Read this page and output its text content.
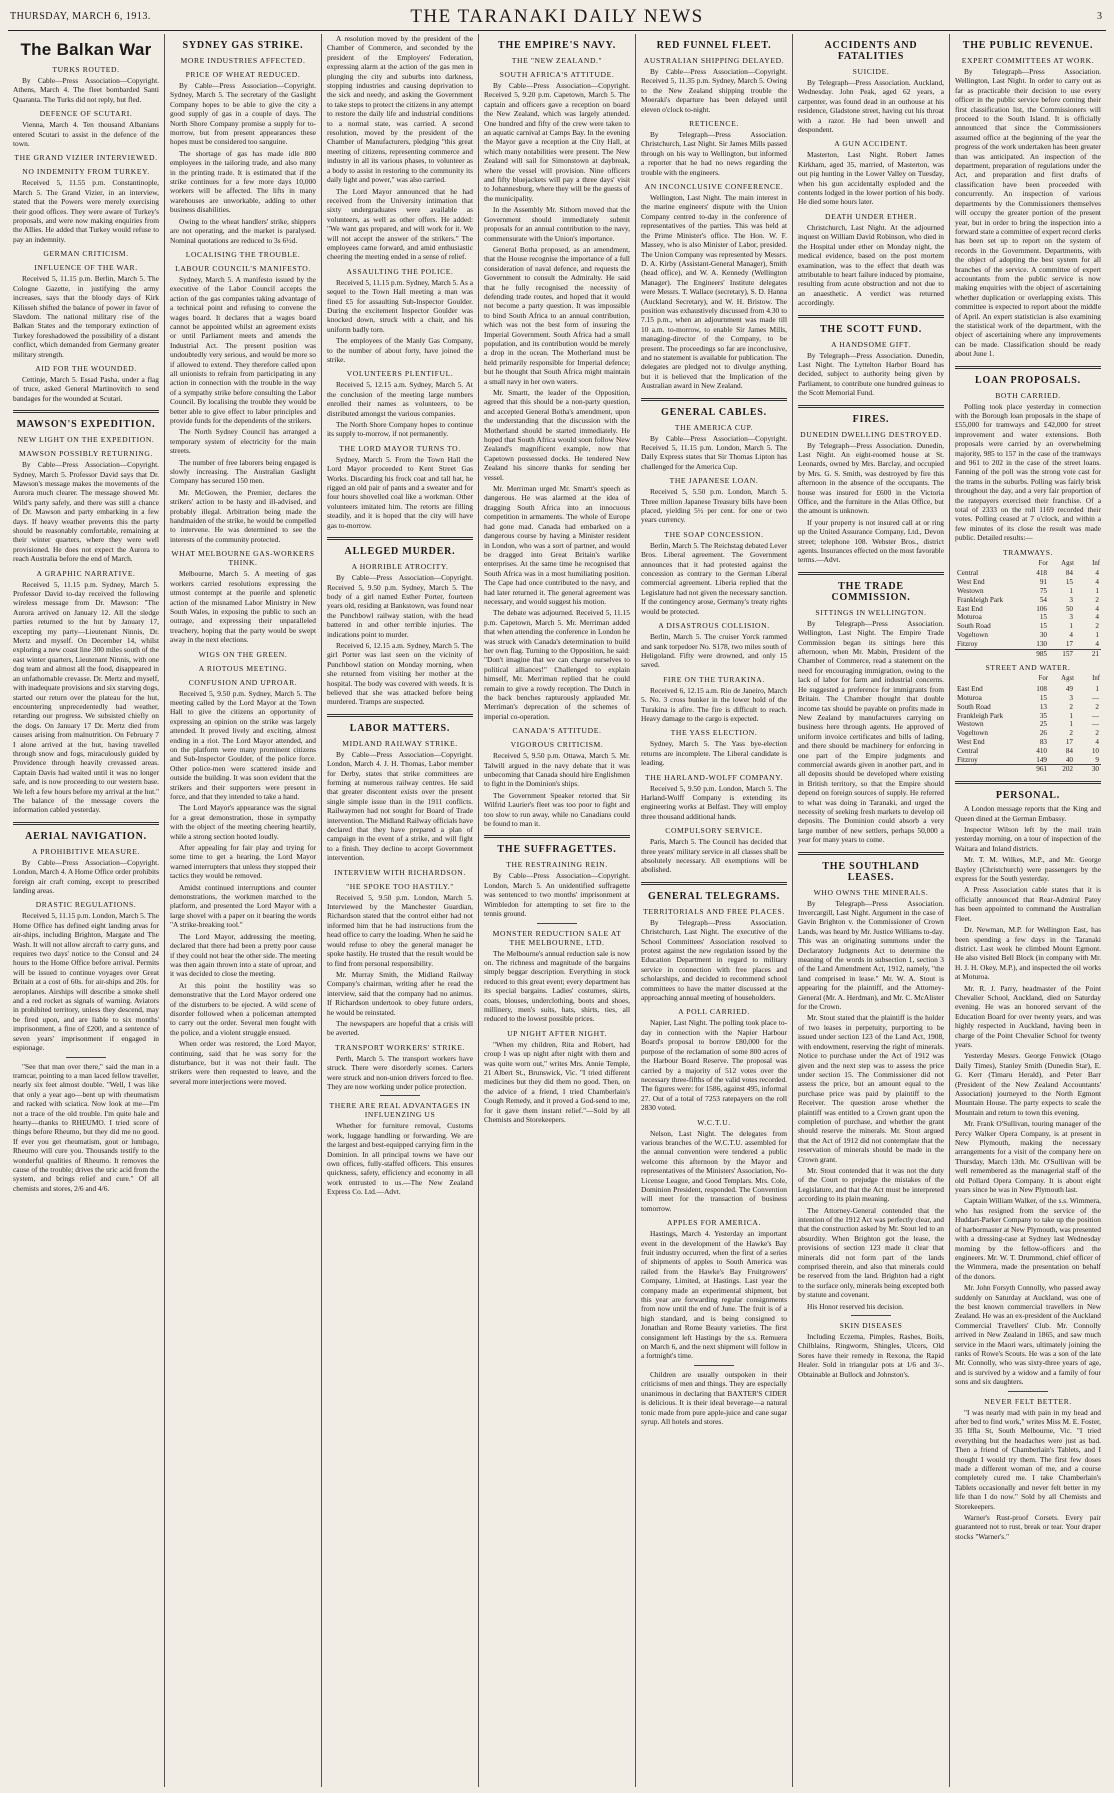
THURSDAY, MARCH 6, 1913.	THE TARANAKI DAILY NEWS	3
The Balkan War
TURKS ROUTED.

By Cable—Press Association—Copyright. Athens, March 4. The fleet bombarded Santi Quaranta. The Turks did not reply, but fled.

DEFENCE OF SCUTARI.

Vienna, March 4. Ten thousand Albanians entered Scutari to assist in the defence of the town.

THE GRAND VIZIER INTERVIEWED.
NO INDEMNITY FROM TURKEY.

Received 5, 11.55 p.m. Constantinople, March 5. The Grand Vizier, in an interview, stated that the Powers were merely exercising their good offices. They were aware of Turkey's proposals, and were now making enquiries from the Allies. He added that Turkey would refuse to pay an indemnity.

GERMAN CRITICISM.
INFLUENCE OF THE WAR.

Received 5, 11.15 p.m. Berlin, March 5. The Cologne Gazette, in justifying the army increases, says that the bloody days of Kirk Kilisseh shifted the balance of power in favor of Slavdom. The national military rise of the Balkan States and the temporary extinction of Turkey foreshadowed the possibility of a distant conflict, which demanded from Germany greater military strength.

AID FOR THE WOUNDED.

Cettinje, March 5. Essad Pasha, under a flag of truce, asked General Martinovitch to send bandages for the wounded at Scutari.

MAWSON'S EXPEDITION.
NEW LIGHT ON THE EXPEDITION.
MAWSON POSSIBLY RETURNING.

By Cable—Press Association—Copyright. Sydney, March 5. Professor David says that Dr. Mawson's message makes the movements of the Aurora much clearer. The message showed Mr. Wild's party safely, and there was still a chance of Dr. Mawson and party embarking in a few days. If heavy weather prevents this the party should be reasonably comfortable, remaining at their winter quarters, where they were well provisioned. He does not expect the Aurora to reach Australia before the end of March.

A GRAPHIC NARRATIVE.

Received 5, 11.15 p.m. Sydney, March 5. Professor David to-day received the following wireless message from Dr. Mawson: "The Aurora arrived on January 12. All the sledge parties returned to the hut by January 17, excepting my party—Lieutenant Ninnis, Dr. Mertz and myself. On December 14, whilst exploring a new coast line 300 miles south of the east winter quarters, Lieutenant Ninnis, with one dog team and almost all the food, disappeared in an unfathomable crevasse. Dr. Mertz and myself, with inadequate provisions and six starving dogs, started our return over the plateau for the hut, encountering unprecedentedly bad weather, retarding our progress. We subsisted chiefly on the dogs. On January 17 Dr. Mertz died from causes arising from malnutrition. On February 7 I alone arrived at the hut, having travelled through snow and fogs, miraculously guided by Providence through heavily crevassed areas. Captain Davis had waited until it was no longer safe, and is now proceeding to our western base. We left a few hours before my arrival at the hut." The balance of the message covers the information cabled yesterday.

AERIAL NAVIGATION.
A PROHIBITIVE MEASURE.

By Cable—Press Association—Copyright. London, March 4. A Home Office order prohibits foreign air craft coming, except to prescribed landing areas.

DRASTIC REGULATIONS.

Received 5, 11.15 p.m. London, March 5. The Home Office has defined eight landing areas for air-ships, including Brighton, Margate and The Wash. It will not allow aircraft to carry guns, and requires two days' notice to the Consul and 24 hours to the Home Office before arrival. Permits will be issued to continue voyages over Great Britain at a cost of 60s. for air-ships and 20s. for aeroplanes. Airships will describe a smoke shell and a red rocket as signals of warning. Aviators in prohibited territory, unless they descend, may be fired upon, and are liable to six months' imprisonment, a fine of £200, and a sentence of seven years' imprisonment if engaged in espionage.

"See that man over there," said the man in a tramcar, pointing to a man laced fellow traveller, nearly six feet almost double. "Well, I was like that only a year ago—bent up with rheumatism and racked with sciatica. Now look at me—I'm not a trace of the old trouble. I'm quite hale and hearty—thanks to RHEUMO. I tried score of things before Rheumo, but they did me no good. If ever you get rheumatism, gout or lumbago, Rheumo will cure you. Thousands testify to the wonderful qualities of Rheumo. It removes the cause of the trouble; drives the uric acid from the system, and brings relief and cure." Of all chemists and stores, 2/6 and 4/6.

SYDNEY GAS STRIKE.
MORE INDUSTRIES AFFECTED.
PRICE OF WHEAT REDUCED.

By Cable—Press Association—Copyright. Sydney, March 5. The secretary of the Gaslight Company hopes to be able to give the city a good supply of gas in a couple of days. The North Shore Company promise a supply for to-morrow, but from present appearances these hopes must be considered too sanguine.

The shortage of gas has made idle 800 employees in the tailoring trade, and also many in the printing trade. It is estimated that if the strike continues for a few more days 10,000 workers will be affected. The lifts in many warehouses are unworkable, adding to other business disabilities.

Owing to the wheat handlers' strike, shippers are not operating, and the market is paralysed. Nominal quotations are reduced to 3s 6½d.

LOCALISING THE TROUBLE.
LABOUR COUNCIL'S MANIFESTO.

Sydney, March 5. A manifesto issued by the executive of the Labor Council accepts the action of the gas companies taking advantage of a technical point and refusing to convene the wages board. It declares that a wages board cannot be appointed whilst an agreement exists or until Parliament meets and amends the Industrial Act. The present position was undoubtedly very serious, and would be more so if allowed to extend. They therefore called upon all unionists to refrain from participating in any action in connection with the trouble in the way of a sympathy strike before consulting the Labor Council. By localising the trouble they would be better able to give effect to labor principles and provide funds for the dependents of the strikers.

The North Sydney Council has arranged a temporary system of electricity for the main streets.

The number of free laborers being engaged is slowly increasing. The Australian Gaslight Company has secured 150 men.

Mr. McGowen, the Premier, declares the strikers' action to be hasty and ill-advised, and probably illegal. Arbitration being made the handmaiden of the strike, he would be compelled to intervene. He was determined to see the interests of the community protected.

WHAT MELBOURNE GAS-WORKERS THINK.

Melbourne, March 5. A meeting of gas workers carried resolutions expressing the utmost contempt at the puerile and splenetic action of the misnamed Labor Ministry in New South Wales, in exposing the public to such an outrage, and expressing their unparalleled treachery, hoping that the party would be swept away in the next elections.

WIGS ON THE GREEN.
A RIOTOUS MEETING.
CONFUSION AND UPROAR.

Received 5, 9.50 p.m. Sydney, March 5. The meeting called by the Lord Mayor at the Town Hall to give the citizens an opportunity of expressing an opinion on the strike was largely attended. It proved lively and exciting, almost ending in a riot. The Lord Mayor attended, and on the platform were many prominent citizens and Sub-Inspector Goulder, of the police force. Other police-men were scattered inside and outside the building. It was soon evident that the strikers and their supporters were present in force, and that they intended to take a hand.

The Lord Mayor's appearance was the signal for a great demonstration, those in sympathy with the object of the meeting cheering heartily, while a strong section hooted loudly.

After appealing for fair play and trying for some time to get a hearing, the Lord Mayor warned interrupters that unless they stopped their tactics they would be removed.

Amidst continued interruptions and counter demonstrations, the workmen marched to the platform, and presented the Lord Mayor with a large shovel with a paper on it bearing the words "A strike-breaking tool."

The Lord Mayor, addressing the meeting, declared that there had been a pretty poor cause if they could not hear the other side. The meeting was then again thrown into a state of uproar, and it was decided to close the meeting.

At this point the hostility was so demonstrative that the Lord Mayor ordered one of the disturbers to be ejected. A wild scene of disorder followed when a policeman attempted to carry out the order. Several men fought with the police, and a violent struggle ensued.

When order was restored, the Lord Mayor, continuing, said that he was sorry for the disturbance, but it was not their fault. The strikers were then requested to leave, and the several more interjections were moved.

A resolution moved by the president of the Chamber of Commerce, and seconded by the president of the Employers' Federation, expressing alarm at the action of the gas men in plunging the city and suburbs into darkness, stopping industries and causing deprivation to the sick and needy, and asking the Government to take steps to protect the citizens in any attempt to restore the daily life and industrial conditions to a normal state, was carried. A second resolution, moved by the president of the Chamber of Manufacturers, pledging "this great meeting of citizens, representing commerce and industry in all its various phases, to volunteer as a body to assist in restoring to the community its daily light and power," was also carried.

The Lord Mayor announced that he had received from the University intimation that sixty undergraduates were available as volunteers, as well as other offers. He added: "We want gas prepared, and will work for it. We will not accept the answer of the strikers." The employees came forward, and amid enthusiastic cheering the meeting ended in a sense of relief.

ASSAULTING THE POLICE.

Received 5, 11.15 p.m. Sydney, March 5. As a sequel to the Town Hall meeting a man was fined £5 for assaulting Sub-Inspector Goulder. During the excitement Inspector Goulder was knocked down, struck with a chair, and his uniform badly torn.

The employees of the Manly Gas Company, to the number of about forty, have joined the strike.

VOLUNTEERS PLENTIFUL.

Received 5, 12.15 a.m. Sydney, March 5. At the conclusion of the meeting large numbers enrolled their names as volunteers, to be distributed amongst the various companies.

The North Shore Company hopes to continue its supply to-morrow, if not permanently.

THE LORD MAYOR TURNS TO.

Sydney, March 5. From the Town Hall the Lord Mayor proceeded to Kent Street Gas Works. Discarding his frock coat and tall hat, he rigged an old pair of pants and a sweater and for four hours shovelled coal like a workman. Other volunteers imitated him. The retorts are filling steadily, and it is hoped that the city will have gas to-morrow.

ALLEGED MURDER.
A HORRIBLE ATROCITY.

By Cable—Press Association—Copyright. Received 5, 9.50 p.m. Sydney, March 5. The body of a girl named Esther Porter, fourteen years old, residing at Bankstown, was found near the Punchbowl railway station, with the head battered in and other terrible injuries. The indications point to murder.

Received 6, 12.15 a.m. Sydney, March 5. The girl Porter was last seen on the vicinity of Punchbowl station on Monday morning, when she returned from visiting her mother at the hospital. The body was covered with weeds. It is believed that she was attacked before being murdered. Tramps are suspected.

LABOR MATTERS.
MIDLAND RAILWAY STRIKE.

By Cable—Press Association—Copyright. London, March 4. J. H. Thomas, Labor member for Derby, states that strike committees are forming at numerous railway centres. He said that greater discontent exists over the present single simple issue than in the 1911 conflicts. Railwaymen had not sought for Board of Trade intervention. The Midland Railway officials have declared that they have prepared a plan of campaign in the event of a strike, and will fight to a finish. They decline to accept Government intervention.

INTERVIEW WITH RICHARDSON.
"HE SPOKE TOO HASTILY."

Received 5, 9.50 p.m. London, March 5. Interviewed by the Manchester Guardian, Richardson stated that the control either had not informed him that he had instructions from the head office to carry the loading. When he said he would refuse to obey the general manager he spoke hastily. He trusted that the result would be to find from personal responsibility.

Mr. Murray Smith, the Midland Railway Company's chairman, writing after he read the interview, said that the company had no animus. If Richardson undertook to obey future orders, he would be reinstated.

The newspapers are hopeful that a crisis will be averted.

TRANSPORT WORKERS' STRIKE.

Perth, March 5. The transport workers have struck. There were disorderly scenes. Carters were struck and non-union drivers forced to flee. They are now working under police protection.

THERE ARE REAL ADVANTAGES IN INFLUENZING US

Whether for furniture removal, Customs work, luggage handling or forwarding. We are the largest and best-equipped carrying firm in the Dominion. In all principal towns we have our own offices, fully-staffed officers. This ensures quickness, safety, efficiency and economy in all work entrusted to us.—The New Zealand Express Co. Ltd.—Advt.

THE EMPIRE'S NAVY.
THE "NEW ZEALAND."
SOUTH AFRICA'S ATTITUDE.

By Cable—Press Association—Copyright. Received 5, 9.20 p.m. Capetown, March 5. The captain and officers gave a reception on board the New Zealand, which was largely attended. One hundred and fifty of the crew were taken to an aquatic carnival at Camps Bay. In the evening the Mayor gave a reception at the City Hall, at which many notabilities were present. The New Zealand will sail for Simonstown at daybreak, where the vessel will provision. Nine officers and fifty bluejackets will pay a three days' visit to Johannesburg, where they will be the guests of the municipality.

In the Assembly Mr. Sithorn moved that the Government should immediately submit proposals for an annual contribution to the navy, commensurate with the Union's importance.

General Botha proposed, as an amendment, that the House recognise the importance of a full consideration of naval defence, and requests the Government to consult the Admiralty. He said that he fully recognised the necessity of defending trade routes, and hoped that it would not become a party question. It was impossible to bind South Africa to an annual contribution, which was not the best form of insuring the Imperial Government. South Africa had a small population, and its contribution would be merely a drop in the ocean. The Motherland must be held primarily responsible for Imperial defence; but he thought that South Africa might maintain a small navy in her own waters.

Mr. Smartt, the leader of the Opposition, agreed that this should be a non-party question, and accepted General Botha's amendment, upon the understanding that the discussion with the Motherland should be started immediately. He hoped that South Africa would soon follow New Zealand's magnificent example, now that Capetown possessed docks. He tendered New Zealand his sincere thanks for sending her vessel.

Mr. Merriman urged Mr. Smartt's speech as dangerous. He was alarmed at the idea of dragging South Africa into an innocuous competition in armaments. The whole of Europe had gone mad. Canada had embarked on a dangerous course by having a Minister resident in London, who was a sort of partner, and would be dragged into Great Britain's warlike enterprises. At the same time he recognised that South Africa was in a most humiliating position. The Cape had once contributed to the navy, and had later returned it. The general agreement was necessary, and would suggest his motion.

The debate was adjourned. Received 5, 11.15 p.m. Capetown, March 5. Mr. Merriman added that when attending the conference in London he was struck with Canada's determination to build her own flag. Turning to the Opposition, he said: "Don't imagine that we can charge ourselves to political alliances!" Challenged to explain himself, Mr. Merriman replied that he could remain to give a rowdy reception. The Dutch in the back benches rapturously applauded Mr. Merriman's deprecation of the schemes of imperial co-operation.

CANADA'S ATTITUDE.
VIGOROUS CRITICISM.

Received 5, 9.50 p.m. Ottawa, March 5. Mr. Talwill argued in the navy debate that it was unbecoming that Canada should hire Englishmen to fight in the Dominion's ships.

The Government Speaker retorted that Sir Wilfrid Laurier's fleet was too poor to fight and too slow to run away, while no Canadians could be found to man it.

THE SUFFRAGETTES.
THE RESTRAINING REIN.

By Cable—Press Association—Copyright. London, March 5. An unidentified suffragette was sentenced to two months' imprisonment at Wimbledon for attempting to set fire to the tennis ground.

MONSTER REDUCTION SALE AT THE MELBOURNE, LTD.

The Melbourne's annual reduction sale is now on. The richness and magnitude of the bargains simply beggar description. Everything in stock reduced to this great event; every department has its special bargains. Ladies' costumes, skirts, coats, blouses, underclothing, boots and shoes, millinery, men's suits, hats, shirts, ties, all reduced to the lowest possible prices.

UP NIGHT AFTER NIGHT.

"When my children, Rita and Robert, had croup I was up night after night with them and was quite worn out," writes Mrs. Annie Temple, 21 Albert St., Brunswick, Vic. "I tried different medicines but they did them no good. Then, on the advice of a friend, I tried Chamberlain's Cough Remedy, and it proved a God-send to me, for it gave them instant relief."—Sold by all Chemists and Storekeepers.

RED FUNNEL FLEET.
AUSTRALIAN SHIPPING DELAYED.

By Cable—Press Association—Copyright. Received 5, 11.35 p.m. Sydney, March 5. Owing to the New Zealand shipping trouble the Moeraki's departure has been delayed until eleven o'clock to-night.

RETICENCE.

By Telegraph—Press Association. Christchurch, Last Night. Sir James Mills passed through on his way to Wellington, but informed a reporter that he had no news regarding the trouble with the engineers.

AN INCONCLUSIVE CONFERENCE.

Wellington, Last Night. The main interest in the marine engineers' dispute with the Union Company centred to-day in the conference of representatives of the parties. This was held at the Prime Minister's office. The Hon. W. F. Massey, who is also Minister of Labor, presided. The Union Company was represented by Messrs. D. A. Kirby (Assistant-General Manager), Smith (head office), and W. A. Kennedy (Wellington Manager). The Engineers' Institute delegates were Messrs. T. Wallace (secretary), S. D. Hanna (Auckland Secretary), and W. H. Bristow. The position was exhaustively discussed from 4.30 to 7.15 p.m., when an adjournment was made till 10 a.m. to-morrow, to enable Sir James Mills, managing-director of the Company, to be present. The proceedings so far are inconclusive, and no statement is available for publication. The delegates are pledged not to divulge anything, but it is believed that the Implication of the Australian award in New Zealand.

GENERAL CABLES.
THE AMERICA CUP.

By Cable—Press Association—Copyright. Received 5, 11.15 p.m. London, March 5. The Daily Express states that Sir Thomas Lipton has challenged for the America Cup.

THE JAPANESE LOAN.

Received 5, 5.50 p.m. London, March 5. Three million Japanese Treasury bills have been placed, yielding 5½ per cent. for one or two years currency.

THE SOAP CONCESSION.

Berlin, March 5. The Reichstag debated Lever Bros. Liberal agreement. The Government announces that it had protested against the concession as contrary to the German Liberal commercial agreement. Liberia replied that the Legislature had not given the necessary sanction. If the contingency arose, Germany's treaty rights would be protected.

A DISASTROUS COLLISION.

Berlin, March 5. The cruiser Yorck rammed and sank torpedoer No. S178, two miles south of Heligoland. Fifty were drowned, and only 15 saved.

FIRE ON THE TURAKINA.

Received 6, 12.15 a.m. Rio de Janeiro, March 5. No. 3 cross bunker in the lower hold of the Turakina is afire. The fire is difficult to reach. Heavy damage to the cargo is expected.

THE YASS ELECTION.

Sydney, March 5. The Yass bye-election returns are incomplete. The Liberal candidate is leading.

THE HARLAND-WOLFF COMPANY.

Received 5, 9.50 p.m. London, March 5. The Harland-Wolff Company is extending its engineering works at Belfast. They will employ three thousand additional hands.

COMPULSORY SERVICE.

Paris, March 5. The Council has decided that three years' military service in all classes shall be absolutely necessary. All exemptions will be abolished.

GENERAL TELEGRAMS.
TERRITORIALS AND FREE PLACES.

By Telegraph—Press Association. Christchurch, Last Night. The executive of the School Committees' Association resolved to protest against the new regulation issued by the Education Department in regard to military service in connection with free places and scholarships, and decided to recommend school committees to have the matter discussed at the approaching annual meeting of householders.

A POLL CARRIED.

Napier, Last Night. The polling took place to-day in connection with the Napier Harbour Board's proposal to borrow £80,000 for the purpose of the reclamation of some 800 acres of the Harbour Board Reserve. The proposal was carried by a majority of 512 votes over the necessary three-fifths of the valid votes recorded. The figures were: for 1586, against 495, informal 27. Out of a total of 7253 ratepayers on the roll 2830 voted.

W.C.T.U.

Nelson, Last Night. The delegates from various branches of the W.C.T.U. assembled for the annual convention were tendered a public welcome this afternoon by the Mayor and representatives of the Ministers' Association, No-License League, and Good Templars. Mrs. Cole, Dominion President, responded. The Convention will meet for the transaction of business tomorrow.

APPLES FOR AMERICA.

Hastings, March 4. Yesterday an important event in the development of the Hawke's Bay fruit industry occurred, when the first of a series of shipments of apples to South America was railed from the Hawke's Bay Fruitgrowers' Company, Limited, at Hastings. Last year the company made an experimental shipment, but this year are forwarding regular consignments from now until the end of June. The fruit is of a high standard, and is being consigned to Jonathan and Rome Beauty varieties. The first consignment left Hastings by the s.s. Remuera on March 6, and the next shipment will follow in a fortnight's time.

Children are usually outspoken in their criticisms of men and things. They are especially unanimous in declaring that BAXTER'S CIDER is delicious. It is their ideal beverage—a natural tonic made from pure apple-juice and cane sugar syrup. All hotels and stores.

ACCIDENTS AND FATALITIES
SUICIDE.

By Telegraph—Press Association. Auckland, Wednesday. John Peak, aged 62 years, a carpenter, was found dead in an outhouse at his residence, Gladstone street, having cut his throat with a razor. He had been unwell and despondent.

A GUN ACCIDENT.

Masterton, Last Night. Robert James Kirkham, aged 35, married, of Masterton, was out pig hunting in the Lower Valley on Tuesday, when his gun accidentally exploded and the contents lodged in the lower portion of his body. He died some hours later.

DEATH UNDER ETHER.

Christchurch, Last Night. At the adjourned inquest on William David Robinson, who died in the Hospital under ether on Monday night, the medical evidence, based on the post mortem examination, was to the effect that death was attributable to heart failure induced by ptomaine, resulting from acute obstruction and not due to an anaesthetic. A verdict was returned accordingly.

THE SCOTT FUND.
A HANDSOME GIFT.

By Telegraph—Press Association. Dunedin, Last Night. The Lyttelton Harbor Board has decided, subject to authority being given by Parliament, to contribute one hundred guineas to the Scott Memorial Fund.

FIRES.
DUNEDIN DWELLING DESTROYED.

By Telegraph—Press Association. Dunedin, Last Night. An eight-roomed house at St. Leonards, owned by Mrs. Barclay, and occupied by Mrs. G. S. Smith, was destroyed by fire this afternoon in the absence of the occupants. The house was insured for £600 in the Victoria Office, and the furniture in the Atlas Office, but the amount is unknown.

If your property is not insured call at or ring up the United Assurance Company, Ltd., Devon street; telephone 108. Webster Bros., district agents. Insurances effected on the most favorable terms.—Advt.

THE TRADE COMMISSION.
SITTINGS IN WELLINGTON.

By Telegraph—Press Association. Wellington, Last Night. The Empire Trade Commission began its sittings here this afternoon, when Mr. Mabin, President of the Chamber of Commerce, read a statement on the need for encouraging immigration, owing to the lack of labor for farm and industrial concerns. He suggested a preference for immigrants from Britain. The Chamber thought that double income tax should be payable on profits made in New Zealand by manufacturers carrying on business here through agents. He approved of uniform invoice certificates and bills of lading, and there should be machinery for enforcing in one part of the Empire judgments and commercial awards given in another part, and in all deposits should be developed where existing in British territory, so that the Empire should depend on foreign sources of supply. He referred to what was doing in Taranaki, and urged the necessity of seeking fresh markets to develop oil deposits. The Dominion could absorb a very large number of new settlers, perhaps 50,000 a year for many years to come.

THE SOUTHLAND LEASES.
WHO OWNS THE MINERALS.

By Telegraph—Press Association. Invercargill, Last Night. Argument in the case of Gavin Brighton v. the Commissioner of Crown Lands, was heard by Mr. Justice Williams to-day. This was an originating summons under the Declaratory Judgments Act to determine the meaning of the words in subsection 1, section 3 of the Land Amendment Act, 1912, namely, "the land comprised in lease." Mr. W. A. Stout is appearing for the plaintiff, and the Attorney-General (Mr. A. Herdman), and Mr. C. McAlister for the Crown.

Mr. Stout stated that the plaintiff is the holder of two leases in perpetuity, purporting to be issued under section 123 of the Land Act, 1908, with endowment, reserving the right of minerals. Notice to purchase under the Act of 1912 was given and the next step was to assess the price under section 15. The Commissioner did not assess the price, but an amount equal to the purchase price was paid by plaintiff to the Receiver. The question arose whether the plaintiff was entitled to a Crown grant upon the completion of purchase, and whether the grant should reserve the minerals. Mr. Stout argued that the Act of 1912 did not contemplate that the reservation of minerals should be made in the Crown grant.

Mr. Stout contended that it was not the duty of the Court to prejudge the mistakes of the Legislature, and that the Act must be interpreted according to its plain meaning.

The Attorney-General contended that the intention of the 1912 Act was perfectly clear, and that the construction asked by Mr. Stout led to an absurdity. When Brighton got the lease, the provisions of section 123 made it clear that minerals did not form part of the lands comprised therein, and also that minerals could be reserved from the land. Brighton had a right to the surface only, minerals being excepted both by statute and covenant.

His Honor reserved his decision.

SKIN DISEASES

Including Eczema, Pimples, Rashes, Boils, Chilblains, Ringworm, Shingles, Ulcers, Old Sores have their remedy in Rexona, the Rapid Healer. Sold in triangular pots at 1/6 and 3/-. Obtainable at Bullock and Johnston's.

THE PUBLIC REVENUE.
EXPERT COMMITTEES AT WORK.

By Telegraph—Press Association. Wellington, Last Night. In order to carry out as far as practicable their decision to use every officer in the public service before coming their first classification list, the Commissioners will proceed to the South Island. It is officially announced that since the Commissioners assumed office at the beginning of the year the progress of the work undertaken has been greater than was anticipated. An inspection of the department, preparation of regulations under the Act, and preparation and first drafts of classification have been proceeded with concurrently. An inspection of various departments by the Commissioners themselves will occupy the greater portion of the present year, but in order to bring the inspection into a forward state a committee of expert record clerks has been set up to report on the system of records in the Government. Departments, with the object of adopting the best system for all branches of the service. A committee of expert accountants from the public service is now making enquiries with the object of ascertaining whether duplication or overlapping exists. This committee is expected to report about the middle of April. An expert statistician is also examining the statistical work of the department, with the object of ascertaining where any improvements can be made. Classification should be ready about June 1.

LOAN PROPOSALS.
BOTH CARRIED.

Polling took place yesterday in connection with the Borough loan proposals in the shape of £55,000 for tramways and £42,000 for street improvement and water extensions. Both proposals were carried by an overwhelming majority, 985 to 157 in the case of the tramways and 961 to 202 in the case of the street loans. Fanning of the poll was the strong vote cast for the trams in the suburbs. Polling was fairly brisk throughout the day, and a very fair proportion of the ratepayers exercised their franchise. Of a total of 2333 on the roll 1169 recorded their votes. Polling ceased at 7 o'clock, and within a few minutes of its close the result was made public. Detailed results:—

TRAMWAYS.
	For	Agst	Inf
Central	418	84	4
West End	91	15	4
Westown	75	1	1
Frankleigh Park	54	3	2
East End	106	50	4
Moturoa	15	3	4
South Road	15	1	2
Vogeltown	30	4	1
Fitzroy	130	17	4
	985	157	21
STREET AND WATER.
	For	Agst	Inf
East End	108	49	1
Moturoa	15	3	—
South Road	13	2	2
Frankleigh Park	35	1	—
Westown	25	1	—
Vogeltown	26	2	2
West End	83	17	4
Central	410	84	10
Fitzroy	149	40	9
	961	202	30
PERSONAL.

A London message reports that the King and Queen dined at the German Embassy.

Inspector Wilson left by the mail train yesterday morning, on a tour of inspection of the Waitara and Inland districts.

Mr. T. M. Wilkes, M.P., and Mr. George Bayley (Christchurch) were passengers by the express for the South yesterday.

A Press Association cable states that it is officially announced that Rear-Admiral Patey has been appointed to command the Australian Fleet.

Dr. Newman, M.P. for Wellington East, has been spending a few days in the Taranaki district. Last week he climbed Mount Egmont. He also visited Bell Block (in company with Mr. H. J. H. Okey, M.P.), and inspected the oil works at Moturoa.

Mr. R. J. Parry, headmaster of the Point Chevalier School, Auckland, died on Saturday evening. He was an honored servant of the Education Board for over twenty years, and was highly respected in Auckland, having been in charge of the Point Chevalier School for twenty years.

Yesterday Messrs. George Fenwick (Otago Daily Times), Stanley Smith (Dunedin Star), E. G. Kerr (Timaru Herald), and Peter Barr (President of the New Zealand Accountants' Association) journeyed to the North Egmont Mountain House. The party expects to scale the Mountain and return to town this evening.

Mr. Frank O'Sullivan, touring manager of the Percy Walker Opera Company, is at present in New Plymouth, making the necessary arrangements for a visit of the company here on Thursday, March 13th. Mr. O'Sullivan will be well remembered as the managerial staff of the old Pollard Opera Company. It is about eight years since he was in New Plymouth last.

Captain William Walker, of the s.s. Wimmera, who has resigned from the service of the Huddart-Parker Company to take up the position of harbormaster at New Plymouth, was presented with a dressing-case at Sydney last Wednesday morning by the fellow-officers and the engineers. Mr. W. T. Drummond, chief officer of the Wimmera, made the presentation on behalf of the donors.

Mr. John Forsyth Connolly, who passed away suddenly on Saturday at Auckland, was one of the best known commercial travellers in New Zealand. He was an ex-president of the Auckland Commercial Travellers' Club. Mr. Connolly arrived in New Zealand in 1865, and saw much service in the Maori wars, ultimately joining the ranks of Rowe's Scouts. He was a son of the late Mr. Connolly, who was sixty-three years of age, and is survived by a widow and a family of four sons and six daughters.

NEVER FELT BETTER.

"I was nearly mad with pain in my head and after bed to find work," writes Miss M. E. Foster, 35 Iffla St, South Melbourne, Vic. "I tried everything but the headaches were just as bad. Then a friend of Chamberlain's Tablets, and I thought I would try them. The first few doses made a different woman of me, and a course completely cured me. I take Chamberlain's Tablets occasionally and never felt better in my life than I do now." Sold by all Chemists and Storekeepers.

Warner's Rust-proof Corsets. Every pair guaranteed not to rust, break or tear. Your draper stocks "Warner's."
